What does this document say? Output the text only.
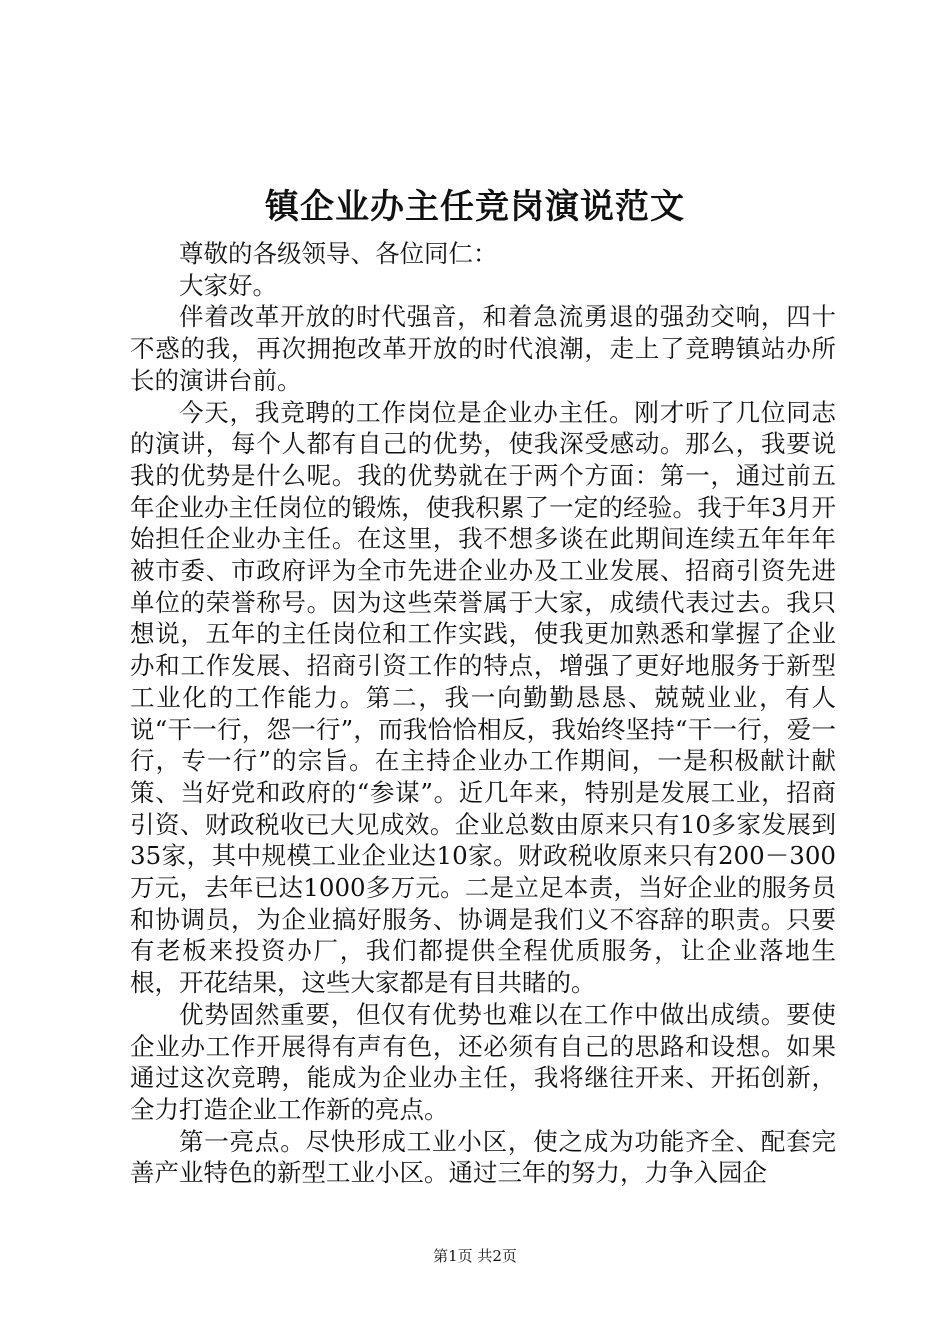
镇企业办主任竞岗演说范文

尊敬的各级领导、各位同仁：

大家好。

伴着改革开放的时代强音，和着急流勇退的强劲交响，四十不惑的我，再次拥抱改革开放的时代浪潮，走上了竞聘镇站办所长的演讲台前。

今天，我竞聘的工作岗位是企业办主任。刚才听了几位同志的演讲，每个人都有自己的优势，使我深受感动。那么，我要说我的优势是什么呢。我的优势就在于两个方面：第一，通过前五年企业办主任岗位的锻炼，使我积累了一定的经验。我于年3月开始担任企业办主任。在这里，我不想多谈在此期间连续五年年年被市委、市政府评为全市先进企业办及工业发展、招商引资先进单位的荣誉称号。因为这些荣誉属于大家，成绩代表过去。我只想说，五年的主任岗位和工作实践，使我更加熟悉和掌握了企业办和工作发展、招商引资工作的特点，增强了更好地服务于新型工业化的工作能力。第二，我一向勤勤恳恳、兢兢业业，有人说“干一行，怨一行”，而我恰恰相反，我始终坚持“干一行，爱一行，专一行”的宗旨。在主持企业办工作期间，一是积极献计献策、当好党和政府的“参谋”。近几年来，特别是发展工业，招商引资、财政税收已大见成效。企业总数由原来只有10多家发展到35家，其中规模工业企业达10家。财政税收原来只有200－300万元，去年已达1000多万元。二是立足本责，当好企业的服务员和协调员，为企业搞好服务、协调是我们义不容辞的职责。只要有老板来投资办厂，我们都提供全程优质服务，让企业落地生根，开花结果，这些大家都是有目共睹的。

优势固然重要，但仅有优势也难以在工作中做出成绩。要使企业办工作开展得有声有色，还必须有自己的思路和设想。如果通过这次竞聘，能成为企业办主任，我将继往开来、开拓创新，全力打造企业工作新的亮点。

第一亮点。尽快形成工业小区，使之成为功能齐全、配套完善产业特色的新型工业小区。通过三年的努力，力争入园企

第1页 共2页
